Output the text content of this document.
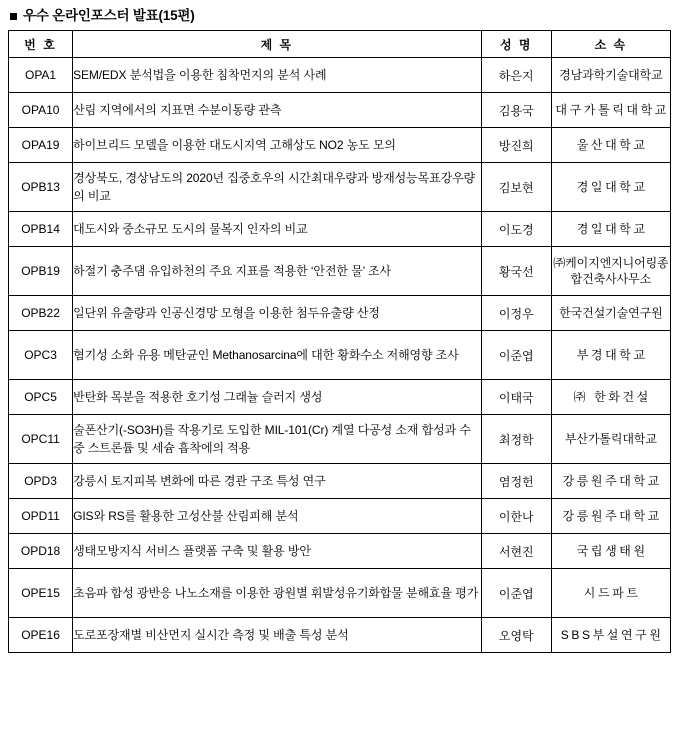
우수 온라인포스터 발표(15편)
번 호	제 목	성 명	소 속
OPA1	SEM/EDX 분석법을 이용한 침착먼지의 분석 사례	하은지	경남과학기술대학교
OPA10	산림 지역에서의 지표면 수분이동량 관측	김용국	대구가톨릭대학교
OPA19	하이브리드 모델을 이용한 대도시지역 고해상도 NO2 농도 모의	방진희	울산대학교
OPB13	경상북도, 경상남도의 2020년 집중호우의 시간최대우량과 방재성능목표강우량의 비교	김보현	경일대학교
OPB14	대도시와 중소규모 도시의 물복지 인자의 비교	이도경	경일대학교
OPB19	하절기 충주댐 유입하천의 주요 지표를 적용한 ‘안전한 물’ 조사	황국선	㈜케이지엔지니어링종합건축사사무소
OPB22	일단위 유출량과 인공신경망 모형을 이용한 첨두유출량 산정	이정우	한국건설기술연구원
OPC3	혐기성 소화 유용 메탄균인 Methanosarcina에 대한 황화수소 저해영향 조사	이준엽	부경대학교
OPC5	반탄화 목분을 적용한 호기성 그래뉼 슬러지 생성	이태국	㈜ 한화건설
OPC11	술폰산기(-SO3H)를 작용기로 도입한 MIL-101(Cr) 계열 다공성 소재 합성과 수중 스트론튬 및 세슘 흡착에의 적용	최정학	부산가톨릭대학교
OPD3	강릉시 토지피복 변화에 따른 경관 구조 특성 연구	염정헌	강릉원주대학교
OPD11	GIS와 RS를 활용한 고성산불 산림피해 분석	이한나	강릉원주대학교
OPD18	생태모방지식 서비스 플랫폼 구축 및 활용 방안	서현진	국립생태원
OPE15	초음파 합성 광반응 나노소재를 이용한 광원별 휘발성유기화합물 분해효율 평가	이준엽	시드파트
OPE16	도로포장재별 비산먼지 실시간 측정 및 배출 특성 분석	오영탁	SBS부설연구원
